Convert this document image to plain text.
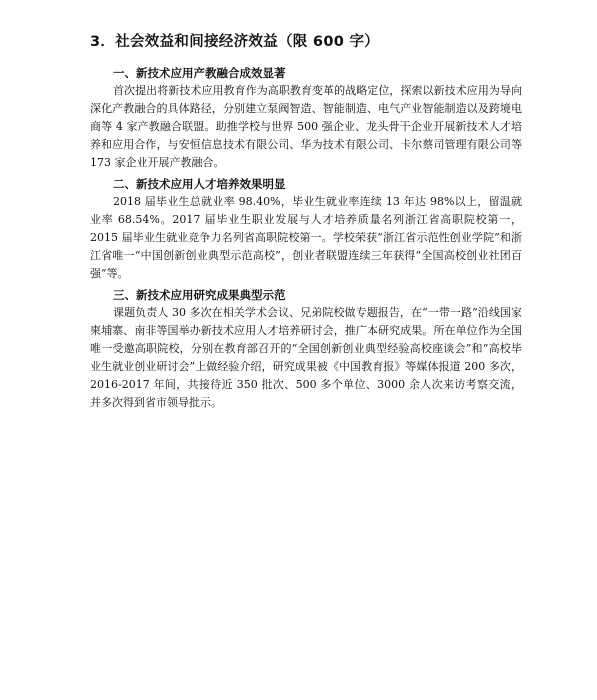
3．社会效益和间接经济效益（限 600 字）
一、新技术应用产教融合成效显著

首次提出将新技术应用教育作为高职教育变革的战略定位，探索以新技术应用为导向深化产教融合的具体路径，分别建立泵阀智造、智能制造、电气产业智能制造以及跨境电商等 4 家产教融合联盟。助推学校与世界 500 强企业、龙头骨干企业开展新技术人才培养和应用合作，与安恒信息技术有限公司、华为技术有限公司、卡尔蔡司管理有限公司等 173 家企业开展产教融合。

二、新技术应用人才培养效果明显

2018 届毕业生总就业率 98.40%，毕业生就业率连续 13 年达 98%以上，留温就业率 68.54%。2017 届毕业生职业发展与人才培养质量名列浙江省高职院校第一，2015 届毕业生就业竞争力名列省高职院校第一。学校荣获“浙江省示范性创业学院”和浙江省唯一“中国创新创业典型示范高校”，创业者联盟连续三年获得“全国高校创业社团百强”等。

三、新技术应用研究成果典型示范

课题负责人 30 多次在相关学术会议、兄弟院校做专题报告，在“一带一路”沿线国家柬埔寨、南非等国举办新技术应用人才培养研讨会，推广本研究成果。所在单位作为全国唯一受邀高职院校，分别在教育部召开的“全国创新创业典型经验高校座谈会”和“高校毕业生就业创业研讨会”上做经验介绍，研究成果被《中国教育报》等媒体报道 200 多次，2016-2017 年间，共接待近 350 批次、500 多个单位、3000 余人次来访考察交流，并多次得到省市领导批示。
